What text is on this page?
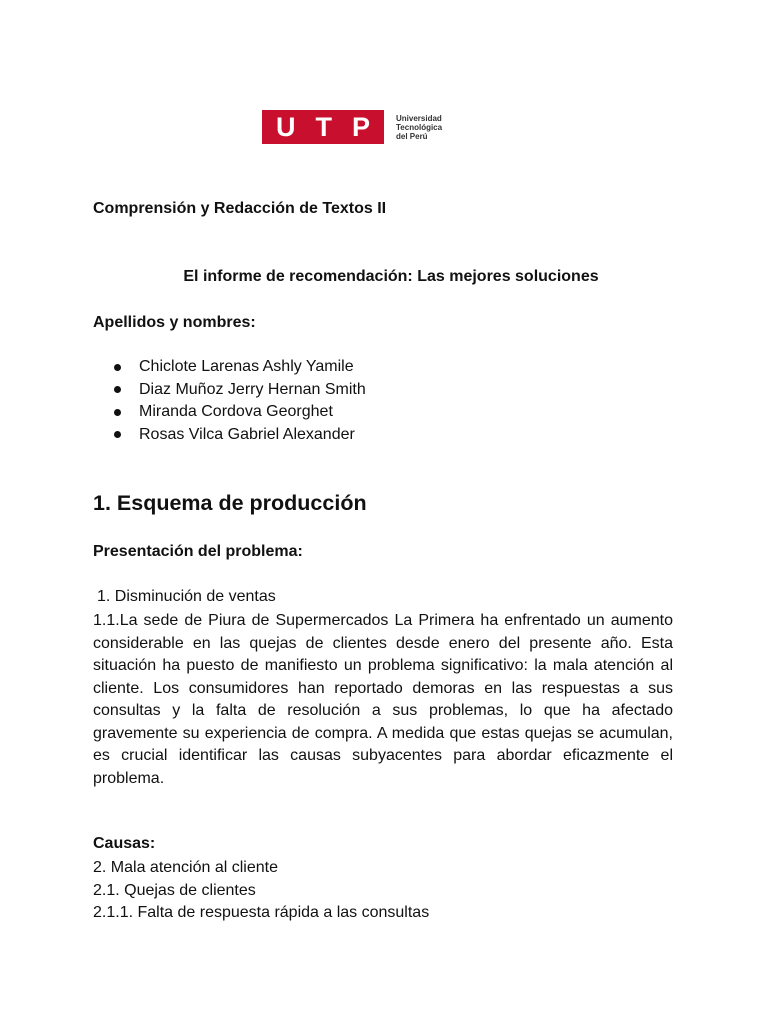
U T P	Universidad
Tecnológica
del Perú
Comprensión y Redacción de Textos II
El informe de recomendación: Las mejores soluciones
Apellidos y nombres:
Chiclote Larenas Ashly Yamile
Diaz Muñoz Jerry Hernan Smith
Miranda Cordova Georghet
Rosas Vilca Gabriel Alexander
1. Esquema de producción
Presentación del problema:
1. Disminución de ventas

1.1.La sede de Piura de Supermercados La Primera ha enfrentado un aumento considerable en las quejas de clientes desde enero del presente año. Esta situación ha puesto de manifiesto un problema significativo: la mala atención al cliente. Los consumidores han reportado demoras en las respuestas a sus consultas y la falta de resolución a sus problemas, lo que ha afectado gravemente su experiencia de compra. A medida que estas quejas se acumulan, es crucial identificar las causas subyacentes para abordar eficazmente el problema.

Causas:
2. Mala atención al cliente
2.1. Quejas de clientes
2.1.1. Falta de respuesta rápida a las consultas
